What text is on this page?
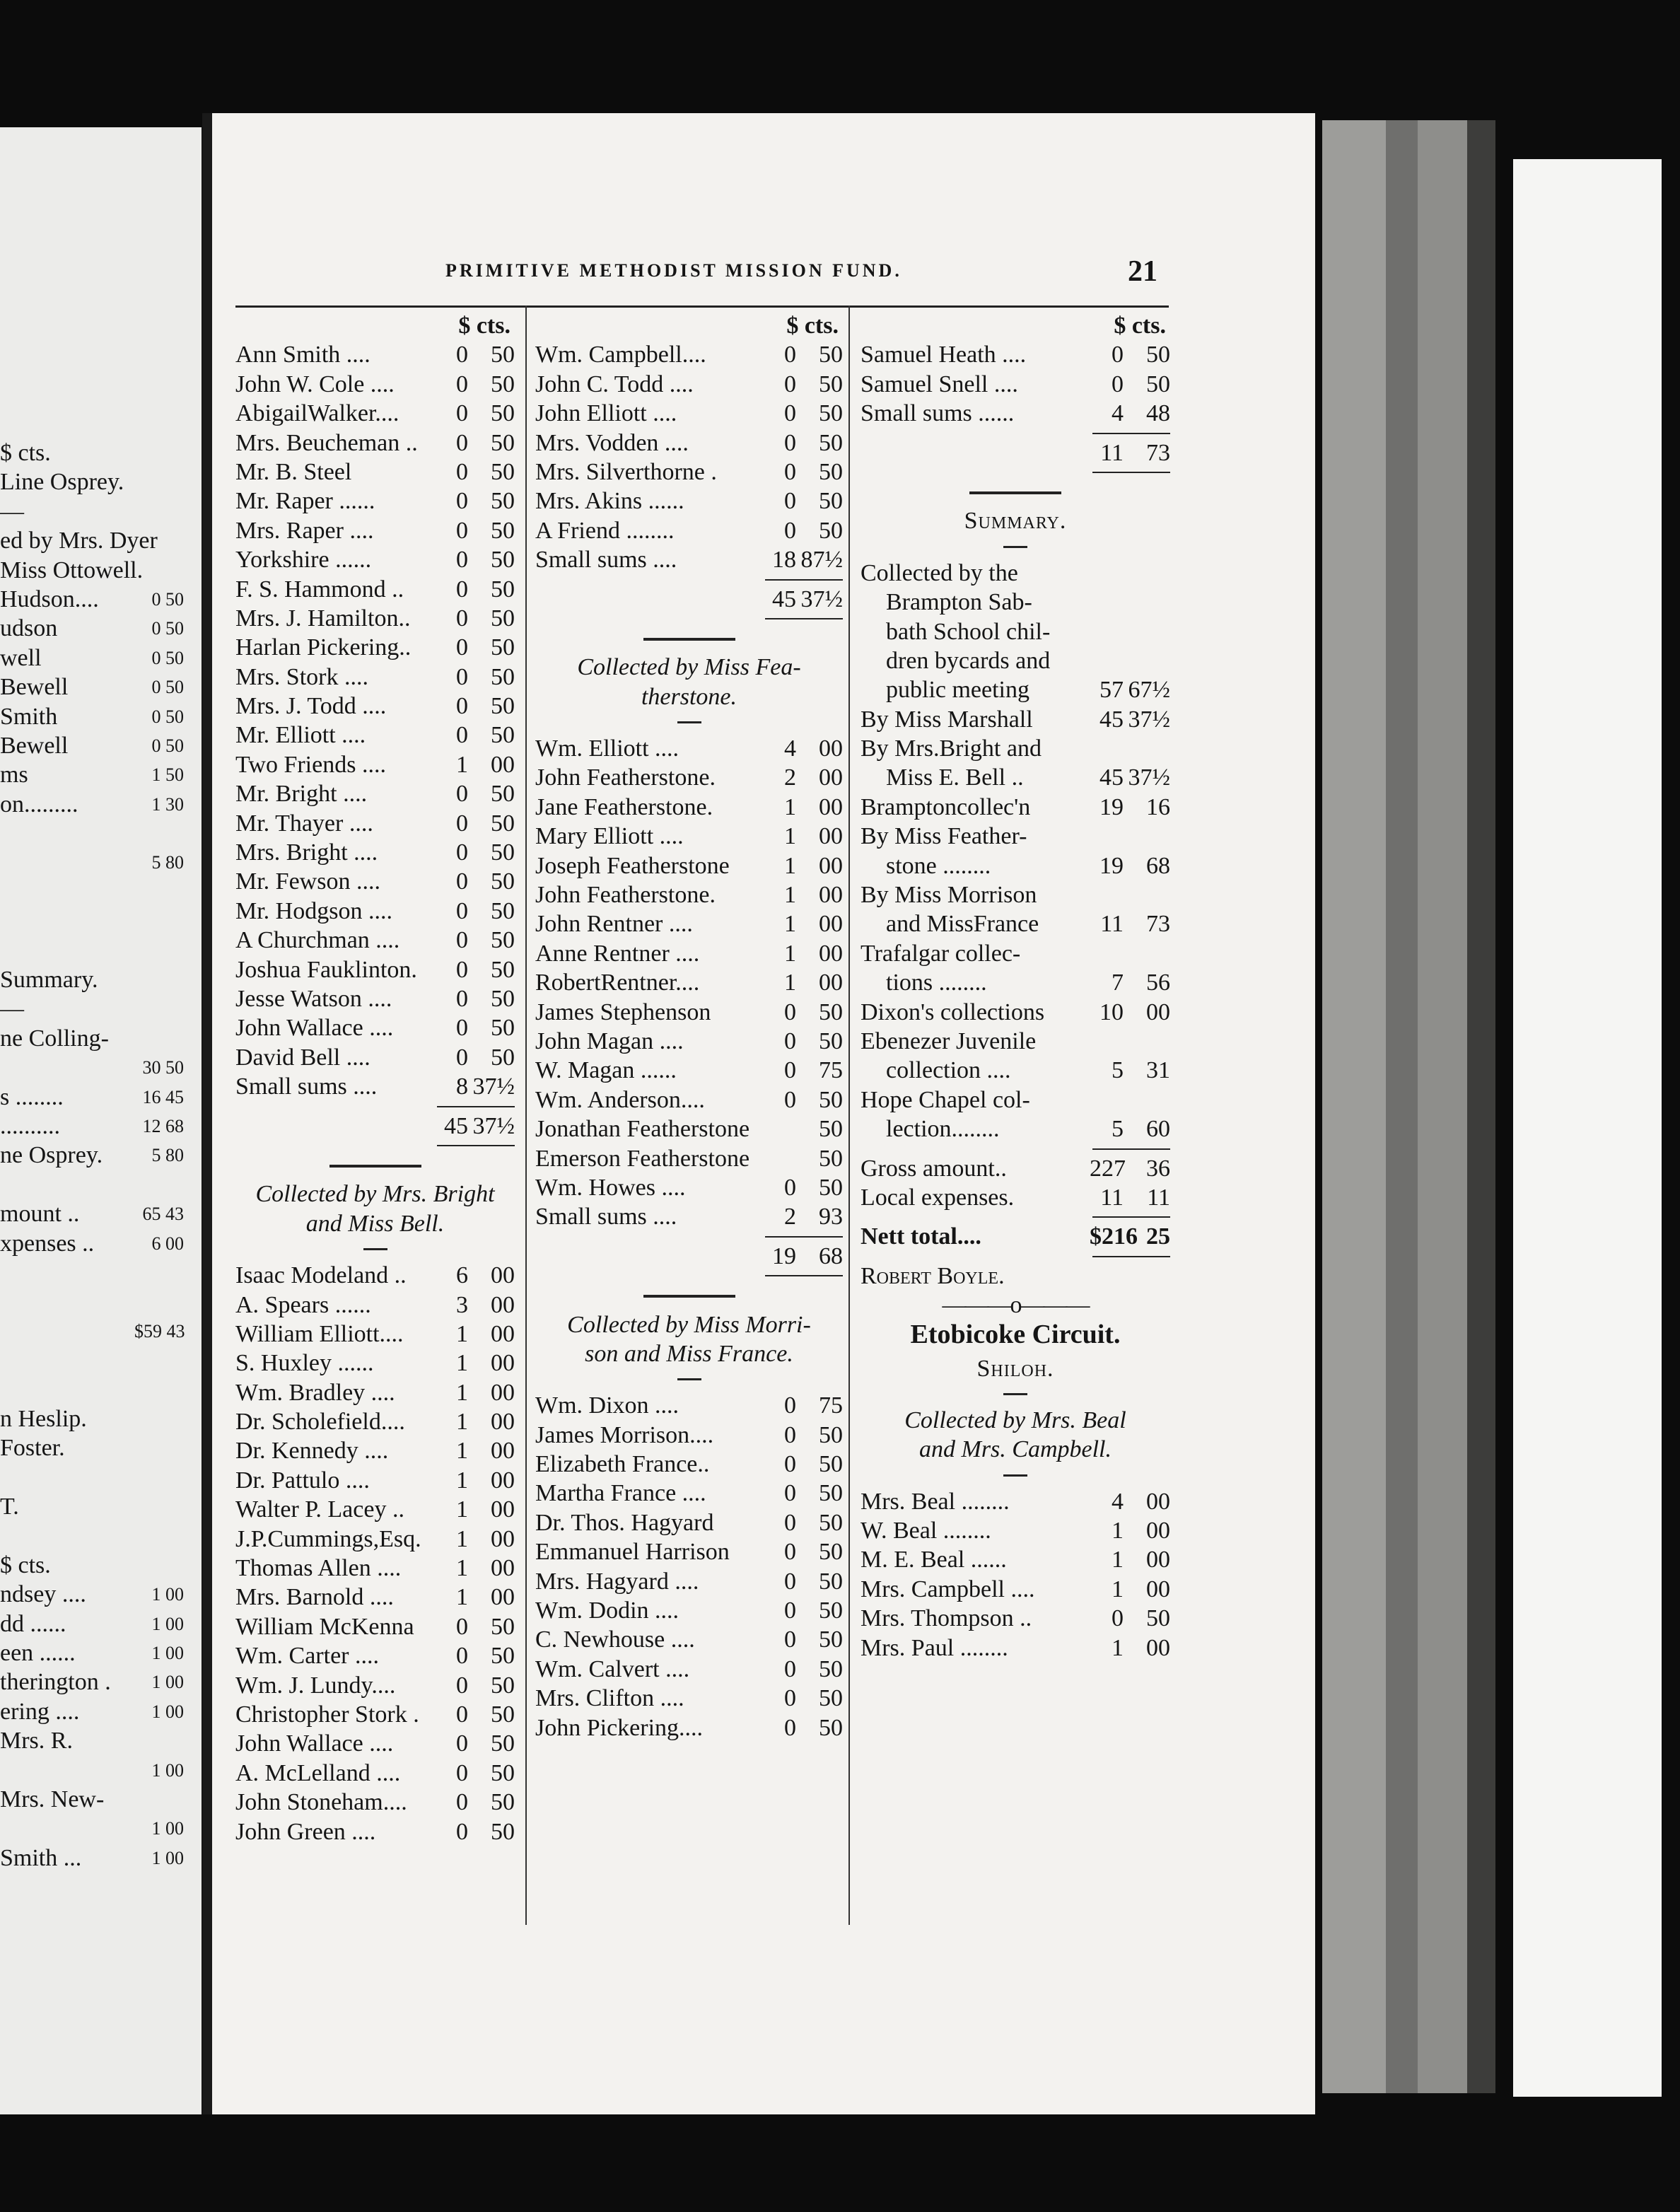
$ cts.
Line Osprey.
—
ed by Mrs. Dyer
Miss Ottowell.
Hudson....	0 50
udson	0 50
well	0 50
Bewell	0 50
Smith	0 50
Bewell	0 50
ms	1 50
on.........	1 30
5 80
Summary.
—
ne Colling-
30 50
s ........	16 45
..........	12 68
ne Osprey.	5 80
mount ..	65 43
xpenses ..	6 00
$59 43
n Heslip.
Foster.
T.
$ cts.
ndsey ....	1 00
dd ......	1 00
een ......	1 00
therington .	1 00
ering ....	1 00
Mrs. R.
1 00
Mrs. New-
1 00
Smith ...	1 00
PRIMITIVE METHODIST MISSION FUND.	21
$ cts.
Ann Smith ....	0 50
John W. Cole ....	0 50
AbigailWalker....	0 50
Mrs. Beucheman ..	0 50
Mr. B. Steel	0 50
Mr. Raper ......	0 50
Mrs. Raper ....	0 50
Yorkshire ......	0 50
F. S. Hammond ..	0 50
Mrs. J. Hamilton..	0 50
Harlan Pickering..	0 50
Mrs. Stork ....	0 50
Mrs. J. Todd ....	0 50
Mr. Elliott ....	0 50
Two Friends ....	1 00
Mr. Bright ....	0 50
Mr. Thayer ....	0 50
Mrs. Bright ....	0 50
Mr. Fewson ....	0 50
Mr. Hodgson ....	0 50
A Churchman ....	0 50
Joshua Fauklinton.	0 50
Jesse Watson ....	0 50
John Wallace ....	0 50
David Bell ....	0 50
Small sums ....	8 37½
45 37½
Collected by Mrs. Bright
and Miss Bell.
Isaac Modeland ..	6 00
A. Spears ......	3 00
William Elliott....	1 00
S. Huxley ......	1 00
Wm. Bradley ....	1 00
Dr. Scholefield....	1 00
Dr. Kennedy ....	1 00
Dr. Pattulo ....	1 00
Walter P. Lacey ..	1 00
J.P.Cummings,Esq.	1 00
Thomas Allen ....	1 00
Mrs. Barnold ....	1 00
William McKenna	0 50
Wm. Carter ....	0 50
Wm. J. Lundy....	0 50
Christopher Stork .	0 50
John Wallace ....	0 50
A. McLelland ....	0 50
John Stoneham....	0 50
John Green ....	0 50
$ cts.
Wm. Campbell....	0 50
John C. Todd ....	0 50
John Elliott ....	0 50
Mrs. Vodden ....	0 50
Mrs. Silverthorne .	0 50
Mrs. Akins ......	0 50
A Friend ........	0 50
Small sums ....	18 87½
45 37½
Collected by Miss Fea-
therstone.
Wm. Elliott ....	4 00
John Featherstone.	2 00
Jane Featherstone.	1 00
Mary Elliott ....	1 00
Joseph Featherstone	1 00
John Featherstone.	1 00
John Rentner ....	1 00
Anne Rentner ....	1 00
RobertRentner....	1 00
James Stephenson	0 50
John Magan ....	0 50
W. Magan ......	0 75
Wm. Anderson....	0 50
Jonathan Featherstone	50
Emerson Featherstone	50
Wm. Howes ....	0 50
Small sums ....	2 93
19 68
Collected by Miss Morri-
son and Miss France.
Wm. Dixon ....	0 75
James Morrison....	0 50
Elizabeth France..	0 50
Martha France ....	0 50
Dr. Thos. Hagyard	0 50
Emmanuel Harrison	0 50
Mrs. Hagyard ....	0 50
Wm. Dodin ....	0 50
C. Newhouse ....	0 50
Wm. Calvert ....	0 50
Mrs. Clifton ....	0 50
John Pickering....	0 50
$ cts.
Samuel Heath ....	0 50
Samuel Snell ....	0 50
Small sums ......	4 48
11 73
Summary.
Collected by the
Brampton Sab-
bath School chil-
dren bycards and
public meeting	57 67½
By Miss Marshall	45 37½
By Mrs.Bright and
Miss E. Bell ..	45 37½
Bramptoncollec'n	19 16
By Miss Feather-
stone ........	19 68
By Miss Morrison
and MissFrance	11 73
Trafalgar collec-
tions ........	7 56
Dixon's collections	10 00
Ebenezer Juvenile
collection ....	5 31
Hope Chapel col-
lection........	5 60
Gross amount..	227 36
Local expenses.	11 11
Nett total....	$216 25
Robert Boyle.
———o———
Etobicoke Circuit.
Shiloh.
Collected by Mrs. Beal
and Mrs. Campbell.
Mrs. Beal ........	4 00
W. Beal ........	1 00
M. E. Beal ......	1 00
Mrs. Campbell ....	1 00
Mrs. Thompson ..	0 50
Mrs. Paul ........	1 00
